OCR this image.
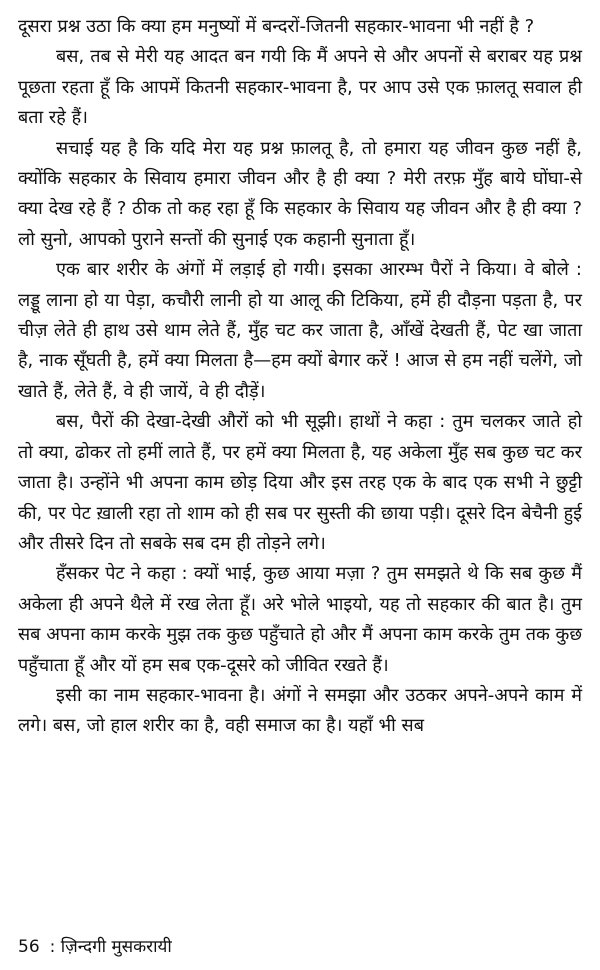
दूसरा प्रश्न उठा कि क्या हम मनुष्यों में बन्दरों-जितनी सहकार-भावना भी नहीं है ?

बस, तब से मेरी यह आदत बन गयी कि मैं अपने से और अपनों से बराबर यह प्रश्न पूछता रहता हूँ कि आपमें कितनी सहकार-भावना है, पर आप उसे एक फ़ालतू सवाल ही बता रहे हैं।

सचाई यह है कि यदि मेरा यह प्रश्न फ़ालतू है, तो हमारा यह जीवन कुछ नहीं है, क्योंकि सहकार के सिवाय हमारा जीवन और है ही क्या ? मेरी तरफ़ मुँह बाये घोंघा-से क्या देख रहे हैं ? ठीक तो कह रहा हूँ कि सहकार के सिवाय यह जीवन और है ही क्या ? लो सुनो, आपको पुराने सन्तों की सुनाई एक कहानी सुनाता हूँ।

एक बार शरीर के अंगों में लड़ाई हो गयी। इसका आरम्भ पैरों ने किया। वे बोले : लड्डू लाना हो या पेड़ा, कचौरी लानी हो या आलू की टिकिया, हमें ही दौड़ना पड़ता है, पर चीज़ लेते ही हाथ उसे थाम लेते हैं, मुँह चट कर जाता है, आँखें देखती हैं, पेट खा जाता है, नाक सूँघती है, हमें क्या मिलता है—हम क्यों बेगार करें ! आज से हम नहीं चलेंगे, जो खाते हैं, लेते हैं, वे ही जायें, वे ही दौड़ें।

बस, पैरों की देखा-देखी औरों को भी सूझी। हाथों ने कहा : तुम चलकर जाते हो तो क्या, ढोकर तो हमीं लाते हैं, पर हमें क्या मिलता है, यह अकेला मुँह सब कुछ चट कर जाता है। उन्होंने भी अपना काम छोड़ दिया और इस तरह एक के बाद एक सभी ने छुट्टी की, पर पेट ख़ाली रहा तो शाम को ही सब पर सुस्ती की छाया पड़ी। दूसरे दिन बेचैनी हुई और तीसरे दिन तो सबके सब दम ही तोड़ने लगे।

हँसकर पेट ने कहा : क्यों भाई, कुछ आया मज़ा ? तुम समझते थे कि सब कुछ मैं अकेला ही अपने थैले में रख लेता हूँ। अरे भोले भाइयो, यह तो सहकार की बात है। तुम सब अपना काम करके मुझ तक कुछ पहुँचाते हो और मैं अपना काम करके तुम तक कुछ पहुँचाता हूँ और यों हम सब एक-दूसरे को जीवित रखते हैं।

इसी का नाम सहकार-भावना है। अंगों ने समझा और उठकर अपने-अपने काम में लगे। बस, जो हाल शरीर का है, वही समाज का है। यहाँ भी सब

56 : ज़िन्दगी मुसकरायी
